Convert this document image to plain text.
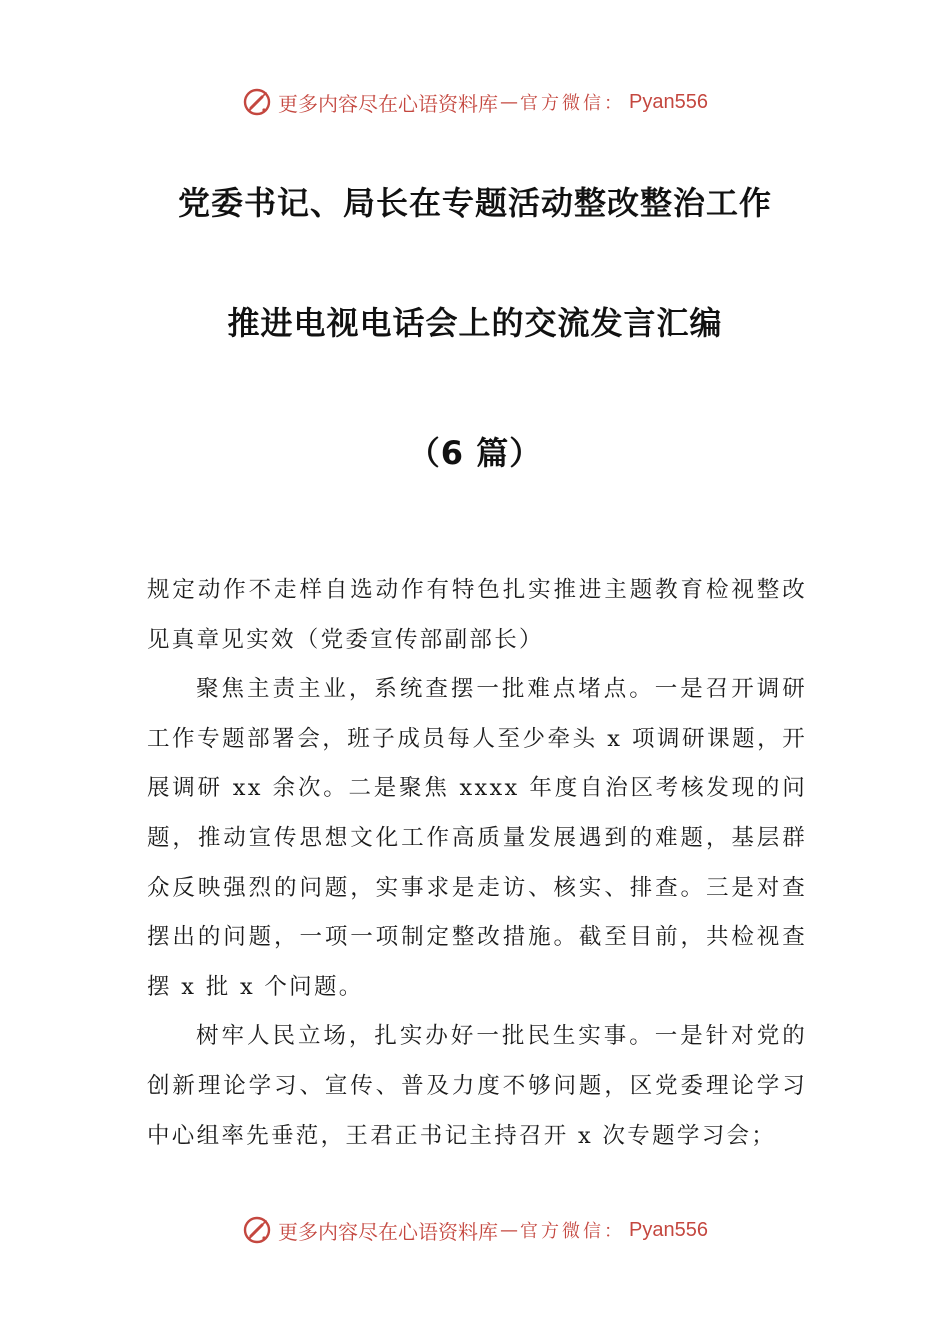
更多内容尽在心语资料库 — 官方微信： Pyan556
党委书记、局长在专题活动整改整治工作
推进电视电话会上的交流发言汇编
（6 篇）

规定动作不走样自选动作有特色扎实推进主题教育检视整改见真章见实效（党委宣传部副部长）

聚焦主责主业，系统查摆一批难点堵点。一是召开调研工作专题部署会，班子成员每人至少牵头 x 项调研课题，开展调研 xx 余次。二是聚焦 xxxx 年度自治区考核发现的问题，推动宣传思想文化工作高质量发展遇到的难题，基层群众反映强烈的问题，实事求是走访、核实、排查。三是对查摆出的问题，一项一项制定整改措施。截至目前，共检视查摆 x 批 x 个问题。

树牢人民立场，扎实办好一批民生实事。一是针对党的创新理论学习、宣传、普及力度不够问题，区党委理论学习中心组率先垂范，王君正书记主持召开 x 次专题学习会；

更多内容尽在心语资料库 — 官方微信： Pyan556
